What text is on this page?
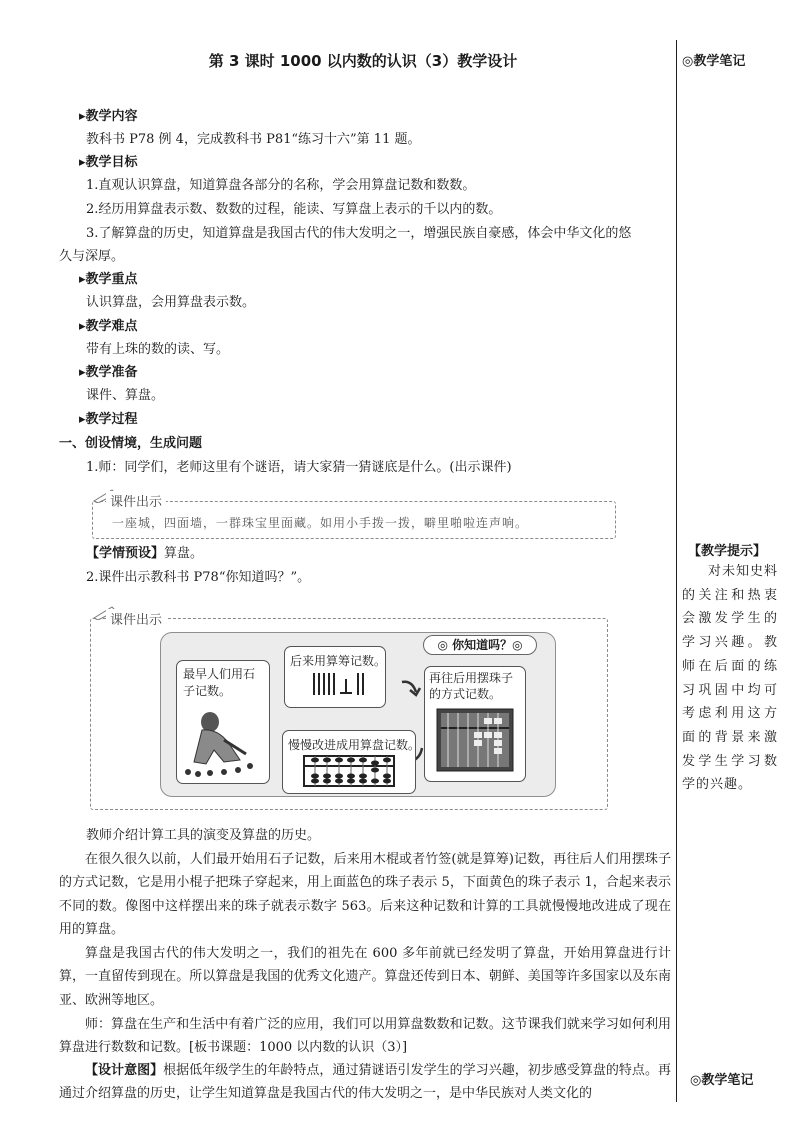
第 3 课时 1000 以内数的认识（3）教学设计	◎教学笔记
▸教学内容
教科书 P78 例 4，完成教科书 P81“练习十六”第 11 题。
▸教学目标
1.直观认识算盘，知道算盘各部分的名称，学会用算盘记数和数数。
2.经历用算盘表示数、数数的过程，能读、写算盘上表示的千以内的数。
3.了解算盘的历史，知道算盘是我国古代的伟大发明之一，增强民族自豪感，体会中华文化的悠
久与深厚。
▸教学重点
认识算盘，会用算盘表示数。
▸教学难点
带有上珠的数的读、写。
▸教学准备
课件、算盘。
▸教学过程
一、创设情境，生成问题
1.师：同学们，老师这里有个谜语，请大家猜一猜谜底是什么。(出示课件)
课件出示
一座城，四面墙，一群珠宝里面藏。如用小手拨一拨，噼里啪啦连声响。
【学情预设】算盘。
2.课件出示教科书 P78“你知道吗？”。
课件出示
◎ 你知道吗？◎
最早人们用石子记数。
后来用算筹记数。
再往后用摆珠子的方式记数。
慢慢改进成用算盘记数。
教师介绍计算工具的演变及算盘的历史。
在很久很久以前，人们最开始用石子记数，后来用木棍或者竹签(就是算筹)记数，再往后人们用摆珠子的方式记数，它是用小棍子把珠子穿起来，用上面蓝色的珠子表示 5，下面黄色的珠子表示 1，合起来表示不同的数。像图中这样摆出来的珠子就表示数字 563。后来这种记数和计算的工具就慢慢地改进成了现在用的算盘。
算盘是我国古代的伟大发明之一，我们的祖先在 600 多年前就已经发明了算盘，开始用算盘进行计算，一直留传到现在。所以算盘是我国的优秀文化遗产。算盘还传到日本、朝鲜、美国等许多国家以及东南亚、欧洲等地区。
师：算盘在生产和生活中有着广泛的应用，我们可以用算盘数数和记数。这节课我们就来学习如何利用算盘进行数数和记数。[板书课题：1000 以内数的认识（3）]
【设计意图】根据低年级学生的年龄特点，通过猜谜语引发学生的学习兴趣，初步感受算盘的特点。再通过介绍算盘的历史，让学生知道算盘是我国古代的伟大发明之一，是中华民族对人类文化的
【教学提示】
对未知史料的关注和热衷会激发学生的学习兴趣。教师在后面的练习巩固中均可考虑利用这方面的背景来激发学生学习数学的兴趣。
◎教学笔记
